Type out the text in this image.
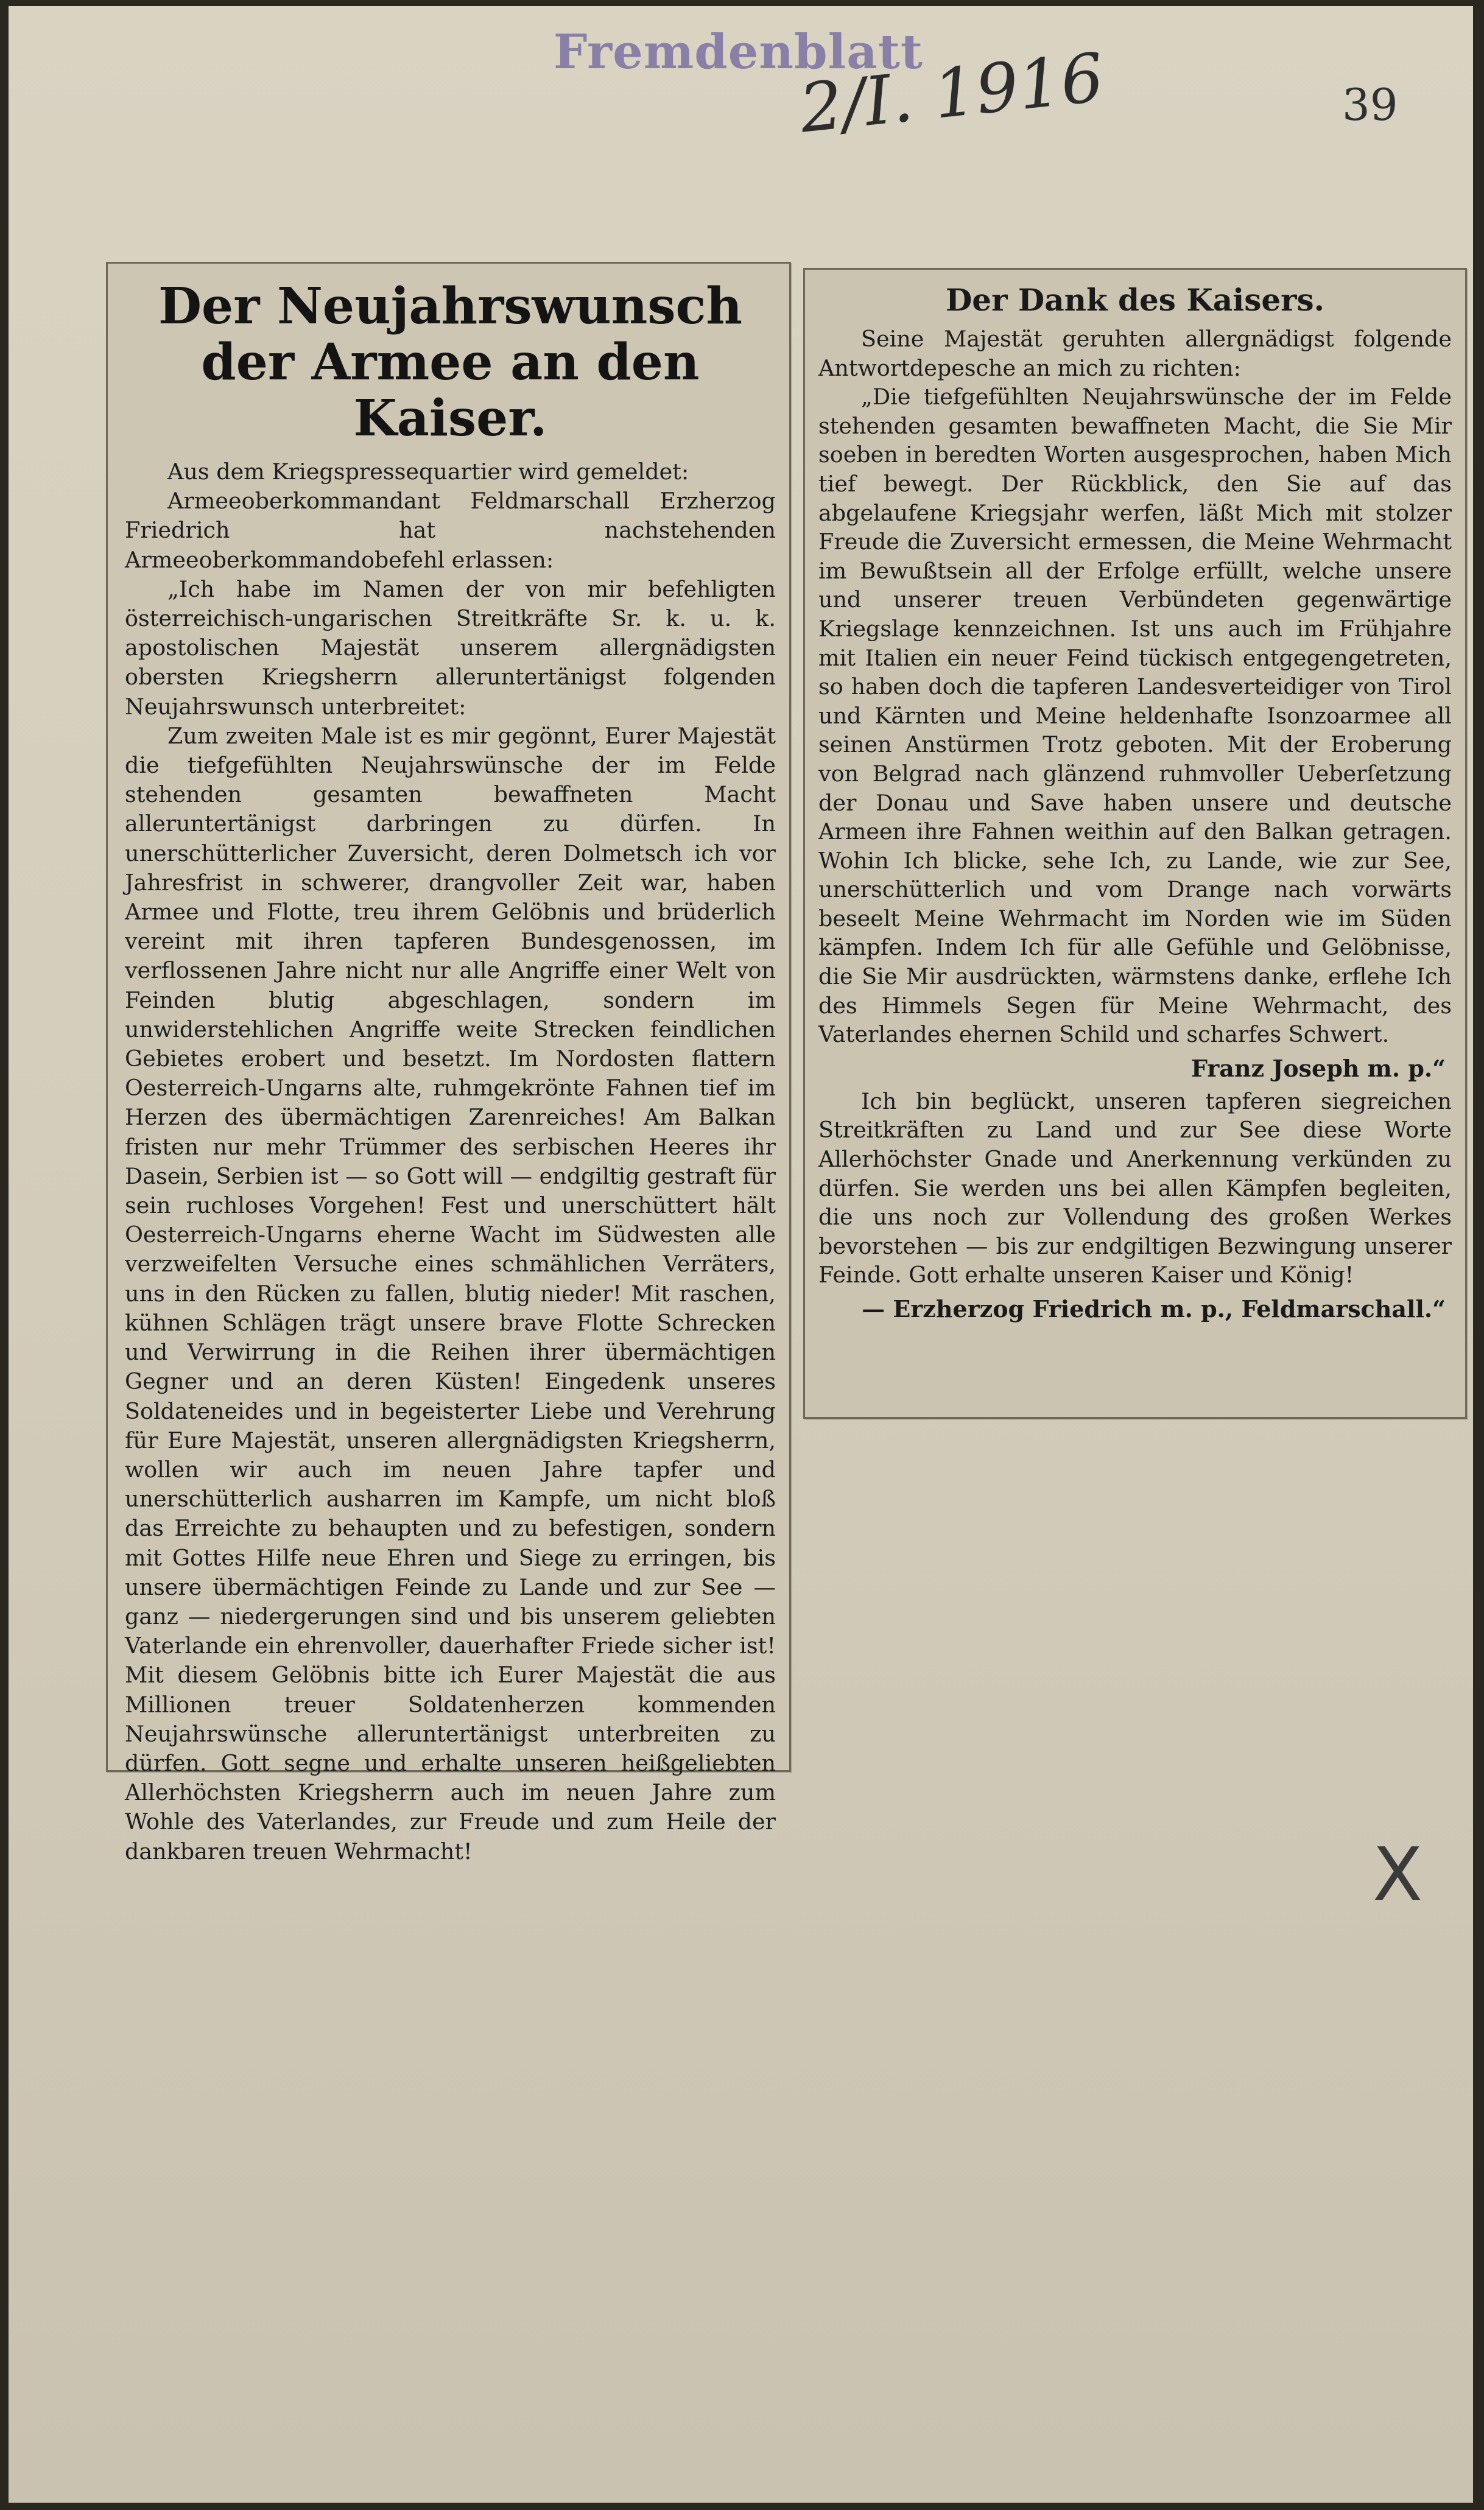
Fremdenblatt
2/I. 1916	39
Der Neujahrswunsch der Armee an den Kaiser.

Aus dem Kriegspressequartier wird gemeldet:

Armeeoberkommandant Feldmarschall Erzherzog Friedrich hat nachstehenden Armeeoberkommandobefehl erlassen:

„Ich habe im Namen der von mir befehligten österreichisch-ungarischen Streitkräfte Sr. k. u. k. apostolischen Majestät unserem allergnädigsten obersten Kriegsherrn alleruntertänigst folgenden Neujahrswunsch unterbreitet:

Zum zweiten Male ist es mir gegönnt, Eurer Majestät die tiefgefühlten Neujahrswünsche der im Felde stehenden gesamten bewaffneten Macht alleruntertänigst darbringen zu dürfen. In unerschütterlicher Zuversicht, deren Dolmetsch ich vor Jahresfrist in schwerer, drangvoller Zeit war, haben Armee und Flotte, treu ihrem Gelöbnis und brüderlich vereint mit ihren tapferen Bundesgenossen, im verflossenen Jahre nicht nur alle Angriffe einer Welt von Feinden blutig abgeschlagen, sondern im unwiderstehlichen Angriffe weite Strecken feindlichen Gebietes erobert und besetzt. Im Nordosten flattern Oesterreich-Ungarns alte, ruhmgekrönte Fahnen tief im Herzen des übermächtigen Zarenreiches! Am Balkan fristen nur mehr Trümmer des serbischen Heeres ihr Dasein, Serbien ist — so Gott will — endgiltig gestraft für sein ruchloses Vorgehen! Fest und unerschüttert hält Oesterreich-Ungarns eherne Wacht im Südwesten alle verzweifelten Versuche eines schmählichen Verräters, uns in den Rücken zu fallen, blutig nieder! Mit raschen, kühnen Schlägen trägt unsere brave Flotte Schrecken und Verwirrung in die Reihen ihrer übermächtigen Gegner und an deren Küsten! Eingedenk unseres Soldateneides und in begeisterter Liebe und Verehrung für Eure Majestät, unseren allergnädigsten Kriegsherrn, wollen wir auch im neuen Jahre tapfer und unerschütterlich ausharren im Kampfe, um nicht bloß das Erreichte zu behaupten und zu befestigen, sondern mit Gottes Hilfe neue Ehren und Siege zu erringen, bis unsere übermächtigen Feinde zu Lande und zur See — ganz — niedergerungen sind und bis unserem geliebten Vaterlande ein ehrenvoller, dauerhafter Friede sicher ist! Mit diesem Gelöbnis bitte ich Eurer Majestät die aus Millionen treuer Soldatenherzen kommenden Neujahrswünsche alleruntertänigst unterbreiten zu dürfen. Gott segne und erhalte unseren heißgeliebten Allerhöchsten Kriegsherrn auch im neuen Jahre zum Wohle des Vaterlandes, zur Freude und zum Heile der dankbaren treuen Wehrmacht!

Der Dank des Kaisers.

Seine Majestät geruhten allergnädigst folgende Antwortdepesche an mich zu richten:

„Die tiefgefühlten Neujahrswünsche der im Felde stehenden gesamten bewaffneten Macht, die Sie Mir soeben in beredten Worten ausgesprochen, haben Mich tief bewegt. Der Rückblick, den Sie auf das abgelaufene Kriegsjahr werfen, läßt Mich mit stolzer Freude die Zuversicht ermessen, die Meine Wehrmacht im Bewußtsein all der Erfolge erfüllt, welche unsere und unserer treuen Verbündeten gegenwärtige Kriegslage kennzeichnen. Ist uns auch im Frühjahre mit Italien ein neuer Feind tückisch entgegengetreten, so haben doch die tapferen Landesverteidiger von Tirol und Kärnten und Meine heldenhafte Isonzoarmee all seinen Anstürmen Trotz geboten. Mit der Eroberung von Belgrad nach glänzend ruhmvoller Ueberſetzung der Donau und Save haben unsere und deutsche Armeen ihre Fahnen weithin auf den Balkan getragen. Wohin Ich blicke, sehe Ich, zu Lande, wie zur See, unerschütterlich und vom Drange nach vorwärts beseelt Meine Wehrmacht im Norden wie im Süden kämpfen. Indem Ich für alle Gefühle und Gelöbnisse, die Sie Mir ausdrückten, wärmstens danke, erflehe Ich des Himmels Segen für Meine Wehrmacht, des Vaterlandes ehernen Schild und scharfes Schwert.

Franz Joseph m. p.“

Ich bin beglückt, unseren tapferen siegreichen Streitkräften zu Land und zur See diese Worte Allerhöchster Gnade und Anerkennung verkünden zu dürfen. Sie werden uns bei allen Kämpfen begleiten, die uns noch zur Vollendung des großen Werkes bevorstehen — bis zur endgiltigen Bezwingung unserer Feinde. Gott erhalte unseren Kaiser und König!

— Erzherzog Friedrich m. p., Feldmarschall.“
X
